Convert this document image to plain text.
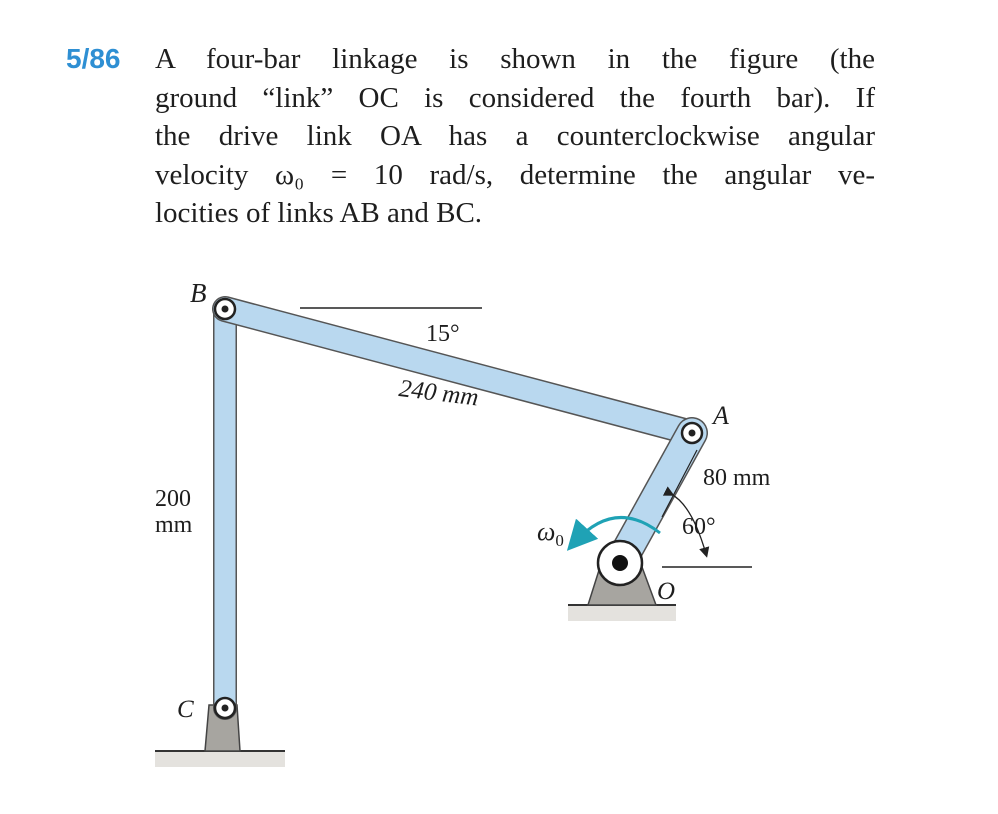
5/86 A four-bar linkage is shown in the figure (the
ground “link” OC is considered the fourth bar). If
the drive link OA has a counterclockwise angular
velocity ω₀ = 10 rad/s, determine the angular ve-
locities of links AB and BC.
B
C
A
O
15°
240 mm
200
mm
80 mm
60°
$\omega_0$
